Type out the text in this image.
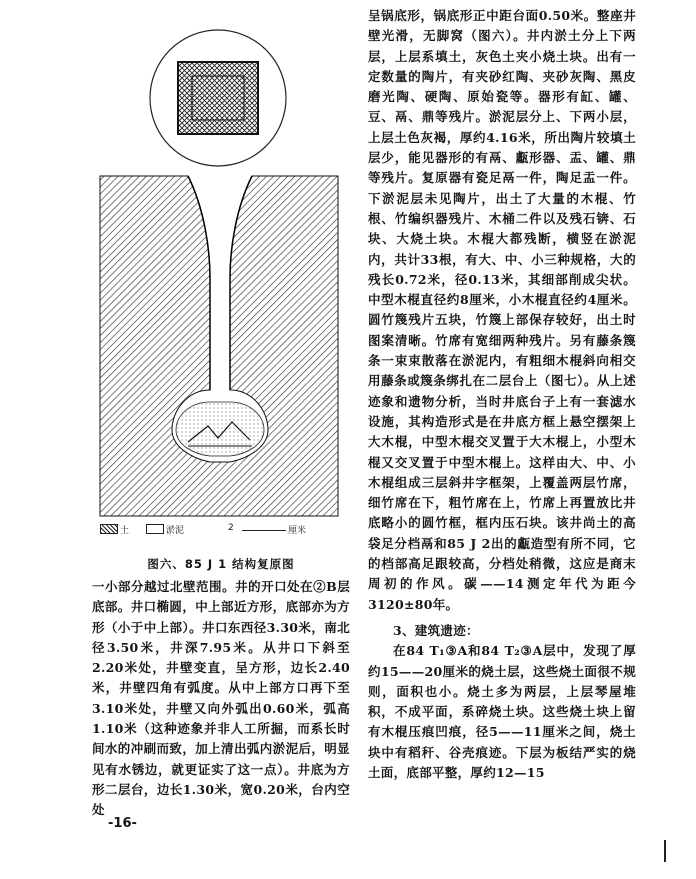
土	淤泥	2	厘米
图六、85 J 1 结构复原图

一小部分越过北壁范围。井的开口处在②B层底部。井口椭圆，中上部近方形，底部亦为方形（小于中上部）。井口东西径3.30米，南北径3.50米，井深7.95米。从井口下斜至2.20米处，井壁变直，呈方形，边长2.40米，井壁四角有弧度。从中上部方口再下至3.10米处，井壁又向外弧出0.60米，弧高1.10米（这种迹象并非人工所掘，而系长时间水的冲刷而致，加上清出弧内淤泥后，明显见有水锈边，就更证实了这一点）。井底为方形二层台，边长1.30米，宽0.20米，台内空处

呈锅底形，锅底形正中距台面0.50米。整座井壁光滑，无脚窝（图六）。井内淤土分上下两层，上层系填土，灰色土夹小烧土块。出有一定数量的陶片，有夹砂红陶、夹砂灰陶、黑皮磨光陶、硬陶、原始瓷等。器形有缸、罐、豆、鬲、鼎等残片。淤泥层分上、下两小层，上层土色灰褐，厚约4.16米，所出陶片较填土层少，能见器形的有鬲、甗形器、盂、罐、鼎等残片。复原器有瓷足鬲一件，陶足盂一件。下淤泥层未见陶片，出土了大量的木棍、竹根、竹编织器残片、木桶二件以及残石锛、石块、大烧土块。木棍大都残断，横竖在淤泥内，共计33根，有大、中、小三种规格，大的残长0.72米，径0.13米，其细部削成尖状。中型木棍直径约8厘米，小木棍直径约4厘米。圆竹篾残片五块，竹篾上部保存较好，出土时图案清晰。竹席有宽细两种残片。另有藤条篾条一束束散落在淤泥内，有粗细木棍斜向相交用藤条或篾条绑扎在二层台上（图七）。从上述迹象和遗物分析，当时井底台子上有一套滤水设施，其构造形式是在井底方框上悬空摆架上大木棍，中型木棍交叉置于大木棍上，小型木棍又交叉置于中型木棍上。这样由大、中、小木棍组成三层斜井字框架，上覆盖两层竹席，细竹席在下，粗竹席在上，竹席上再置放比井底略小的圆竹框，框内压石块。该井尚土的高袋足分档鬲和85 J 2出的甗造型有所不同，它的档部高足跟较高，分档处稍微，这应是商末周初的作风。碳——14测定年代为距今3120±80年。

3、建筑遗迹：

在84 T₁③A和84 T₂③A层中，发现了厚约15——20厘米的烧土层，这些烧土面很不规则，面积也小。烧土多为两层，上层琴屋堆积，不成平面，系碎烧土块。这些烧土块上留有木棍压痕凹痕，径5——11厘米之间，烧土块中有稻秆、谷壳痕迹。下层为板结严实的烧土面，底部平整，厚约12—15

-16-
